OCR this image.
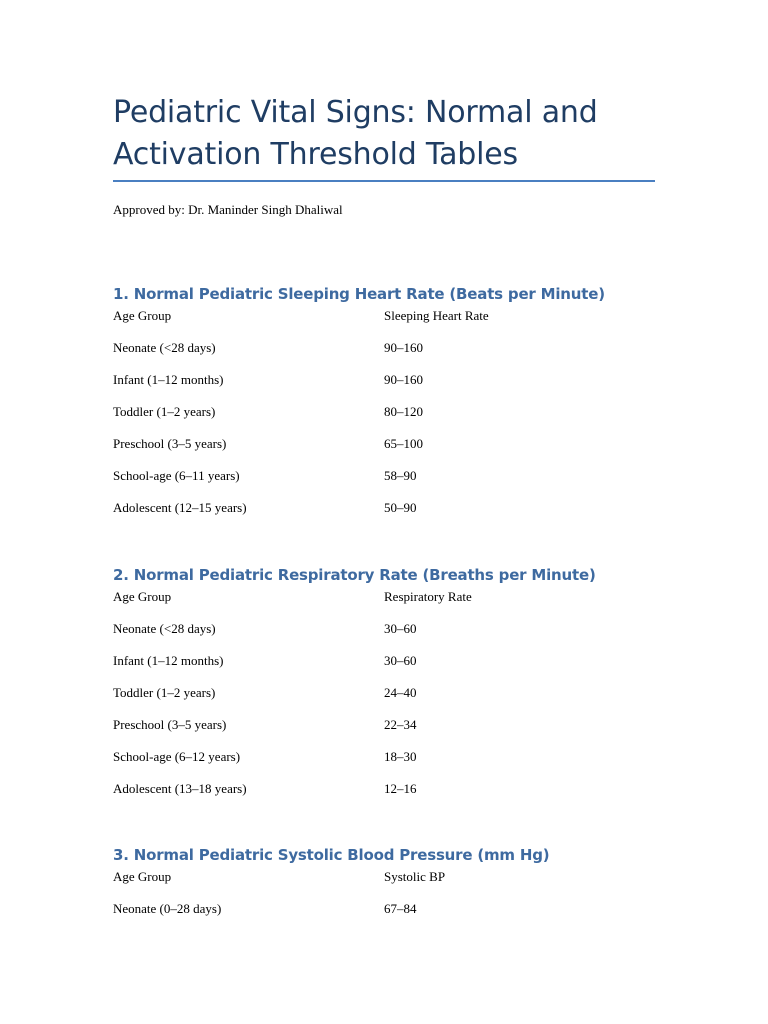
Pediatric Vital Signs: Normal and Activation Threshold Tables
Approved by: Dr. Maninder Singh Dhaliwal
1. Normal Pediatric Sleeping Heart Rate (Beats per Minute)
Age Group	Sleeping Heart Rate
Neonate (<28 days)	90–160
Infant (1–12 months)	90–160
Toddler (1–2 years)	80–120
Preschool (3–5 years)	65–100
School-age (6–11 years)	58–90
Adolescent (12–15 years)	50–90
2. Normal Pediatric Respiratory Rate (Breaths per Minute)
Age Group	Respiratory Rate
Neonate (<28 days)	30–60
Infant (1–12 months)	30–60
Toddler (1–2 years)	24–40
Preschool (3–5 years)	22–34
School-age (6–12 years)	18–30
Adolescent (13–18 years)	12–16
3. Normal Pediatric Systolic Blood Pressure (mm Hg)
Age Group	Systolic BP
Neonate (0–28 days)	67–84
